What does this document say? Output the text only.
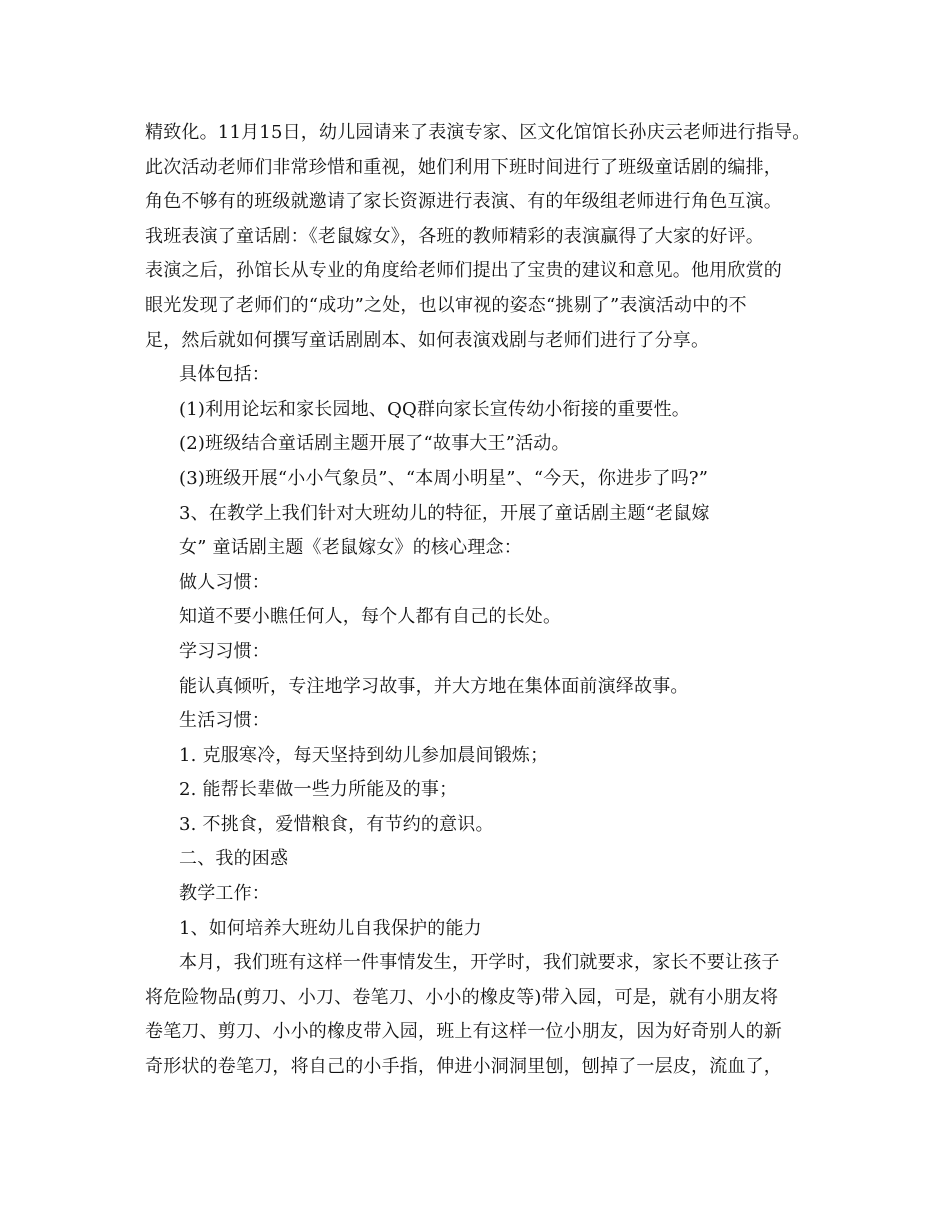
精致化。11月15日，幼儿园请来了表演专家、区文化馆馆长孙庆云老师进行指导。
此次活动老师们非常珍惜和重视，她们利用下班时间进行了班级童话剧的编排，
角色不够有的班级就邀请了家长资源进行表演、有的年级组老师进行角色互演。
我班表演了童话剧：《老鼠嫁女》，各班的教师精彩的表演赢得了大家的好评。
表演之后，孙馆长从专业的角度给老师们提出了宝贵的建议和意见。他用欣赏的
眼光发现了老师们的“成功”之处，也以审视的姿态“挑剔了”表演活动中的不
足，然后就如何撰写童话剧剧本、如何表演戏剧与老师们进行了分享。
具体包括：
(1)利用论坛和家长园地、QQ群向家长宣传幼小衔接的重要性。
(2)班级结合童话剧主题开展了“故事大王”活动。
(3)班级开展“小小气象员”、“本周小明星”、“今天，你进步了吗?”
3、在教学上我们针对大班幼儿的特征，开展了童话剧主题“老鼠嫁
女” 童话剧主题《老鼠嫁女》的核心理念：
做人习惯：
知道不要小瞧任何人，每个人都有自己的长处。
学习习惯：
能认真倾听，专注地学习故事，并大方地在集体面前演绎故事。
生活习惯：
1. 克服寒冷，每天坚持到幼儿参加晨间锻炼；
2. 能帮长辈做一些力所能及的事；
3. 不挑食，爱惜粮食，有节约的意识。
二、我的困惑
教学工作：
1、如何培养大班幼儿自我保护的能力
本月，我们班有这样一件事情发生，开学时，我们就要求，家长不要让孩子
将危险物品(剪刀、小刀、卷笔刀、小小的橡皮等)带入园，可是，就有小朋友将
卷笔刀、剪刀、小小的橡皮带入园，班上有这样一位小朋友，因为好奇别人的新
奇形状的卷笔刀，将自己的小手指，伸进小洞洞里刨，刨掉了一层皮，流血了，
